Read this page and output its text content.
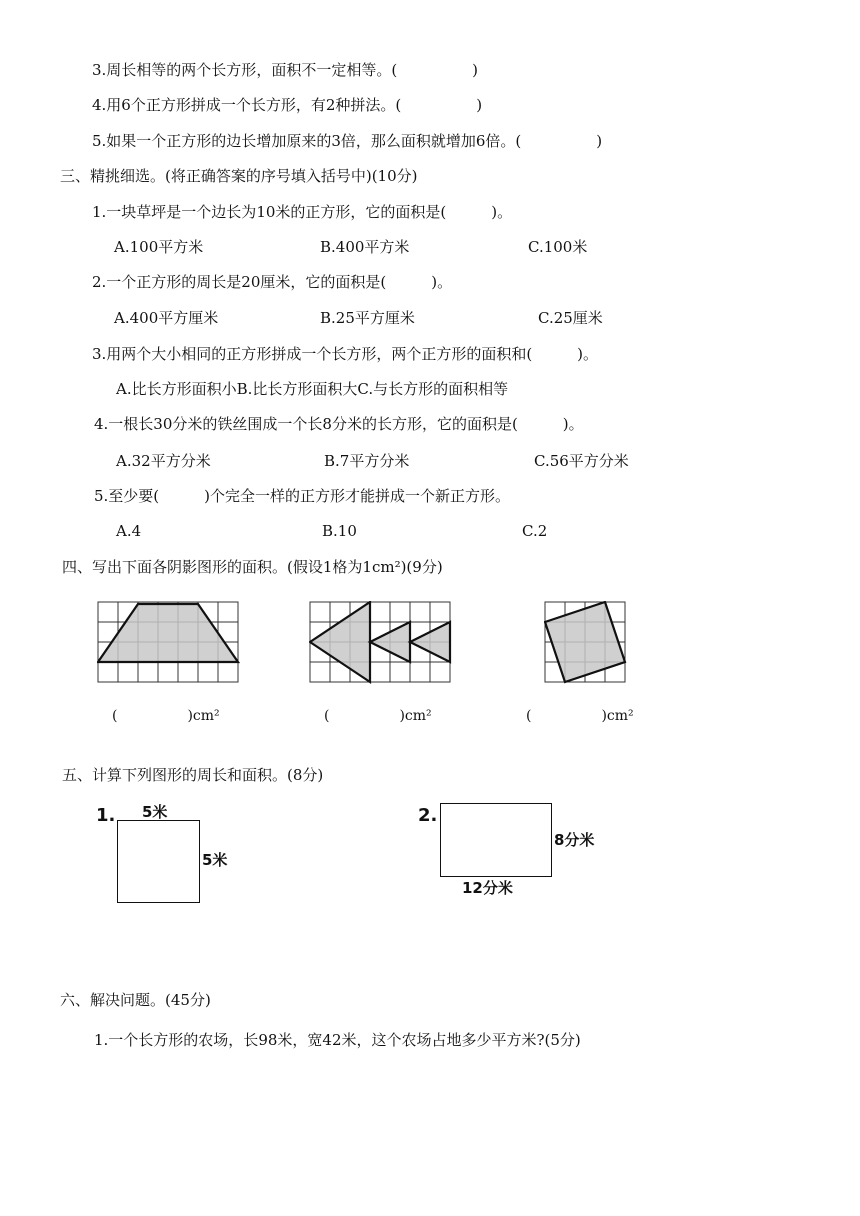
3.周长相等的两个长方形，面积不一定相等。(　　　　　)
4.用6个正方形拼成一个长方形，有2种拼法。(　　　　　)
5.如果一个正方形的边长增加原来的3倍，那么面积就增加6倍。(　　　　　)
三、精挑细选。(将正确答案的序号填入括号中)(10分)
1.一块草坪是一个边长为10米的正方形，它的面积是(　　　)。
A.100平方米	B.400平方米	C.100米
2.一个正方形的周长是20厘米，它的面积是(　　　)。
A.400平方厘米	B.25平方厘米	C.25厘米
3.用两个大小相同的正方形拼成一个长方形，两个正方形的面积和(　　　)。
A.比长方形面积小B.比长方形面积大C.与长方形的面积相等
4.一根长30分米的铁丝围成一个长8分米的长方形，它的面积是(　　　)。
A.32平方分米	B.7平方分米	C.56平方分米
5.至少要(　　　)个完全一样的正方形才能拼成一个新正方形。
A.4	B.10	C.2
四、写出下面各阴影图形的面积。(假设1格为1cm²)(9分)
(　　　　　)cm²	(　　　　　)cm²	(　　　　　)cm²
五、计算下列图形的周长和面积。(8分)
1. 5米
5米
2.
8分米
12分米
六、解决问题。(45分)
1.一个长方形的农场，长98米，宽42米，这个农场占地多少平方米?(5分)
